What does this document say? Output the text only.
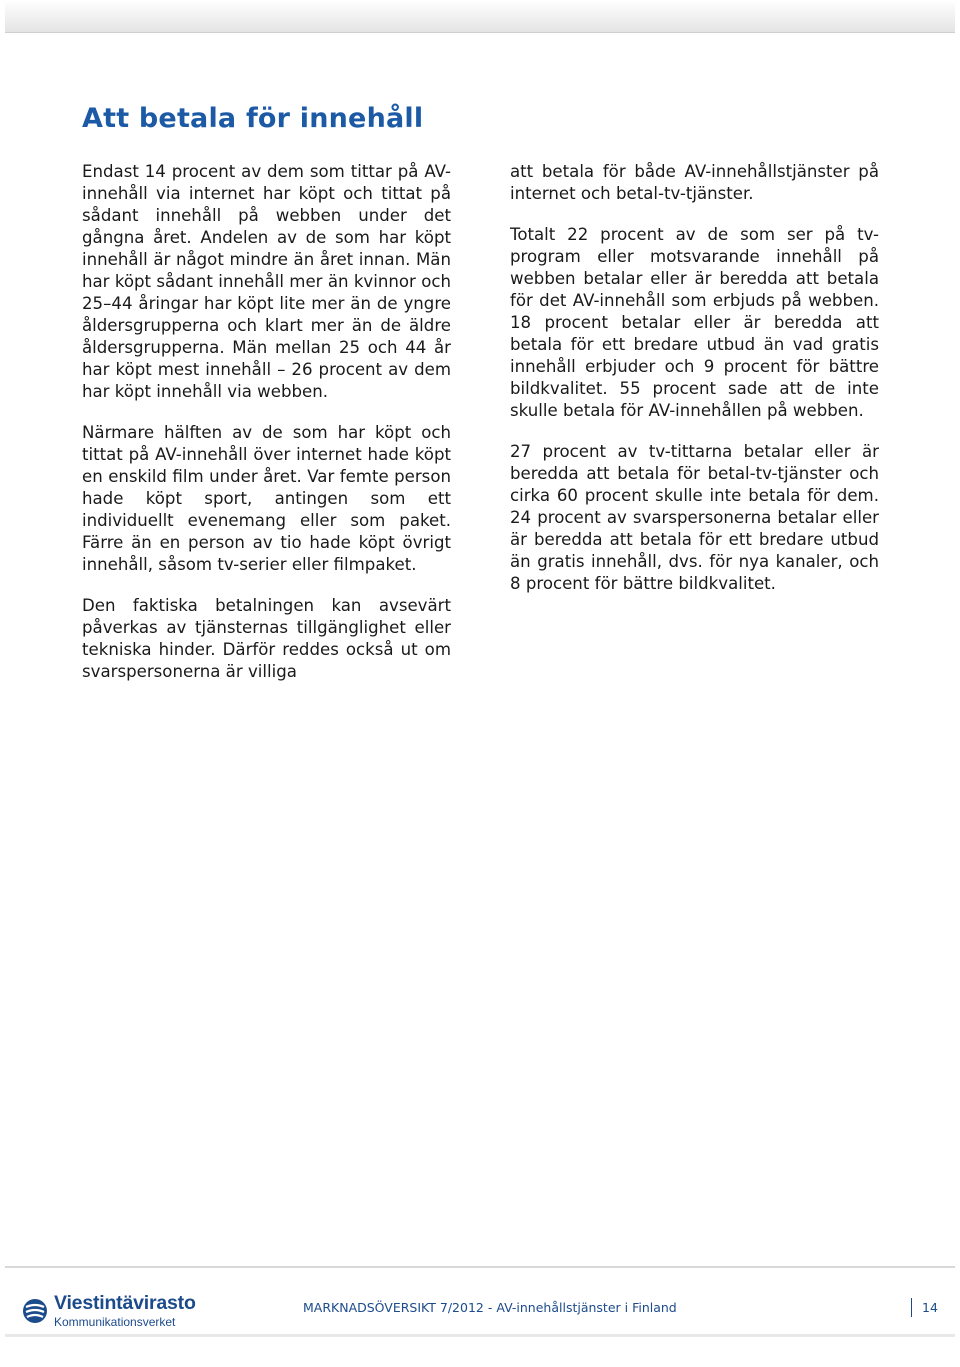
Att betala för innehåll

Endast 14 procent av dem som tittar på AV-innehåll via internet har köpt och tittat på sådant innehåll på webben under det gångna året. Andelen av de som har köpt innehåll är något mindre än året innan. Män har köpt sådant innehåll mer än kvinnor och 25–44 åringar har köpt lite mer än de yngre åldersgrupperna och klart mer än de äldre åldersgrupperna. Män mellan 25 och 44 år har köpt mest innehåll – 26 procent av dem har köpt innehåll via webben.

Närmare hälften av de som har köpt och tittat på AV-innehåll över internet hade köpt en enskild film under året. Var femte person hade köpt sport, antingen som ett individuellt evenemang eller som paket. Färre än en person av tio hade köpt övrigt innehåll, såsom tv-serier eller filmpaket.

Den faktiska betalningen kan avsevärt påverkas av tjänsternas tillgänglighet eller tekniska hinder. Därför reddes också ut om svarspersonerna är villiga

att betala för både AV-innehållstjänster på internet och betal-tv-tjänster.

Totalt 22 procent av de som ser på tv-program eller motsvarande innehåll på webben betalar eller är beredda att betala för det AV-innehåll som erbjuds på webben. 18 procent betalar eller är beredda att betala för ett bredare utbud än vad gratis innehåll erbjuder och 9 procent för bättre bildkvalitet. 55 procent sade att de inte skulle betala för AV-innehållen på webben.

27 procent av tv-tittarna betalar eller är beredda att betala för betal-tv-tjänster och cirka 60 procent skulle inte betala för dem. 24 procent av svarspersonerna betalar eller är beredda att betala för ett bredare utbud än gratis innehåll, dvs. för nya kanaler, och 8 procent för bättre bildkvalitet.

Viestintävirasto
Kommunikationsverket
MARKNADSÖVERSIKT 7/2012 - AV-innehållstjänster i Finland	14
